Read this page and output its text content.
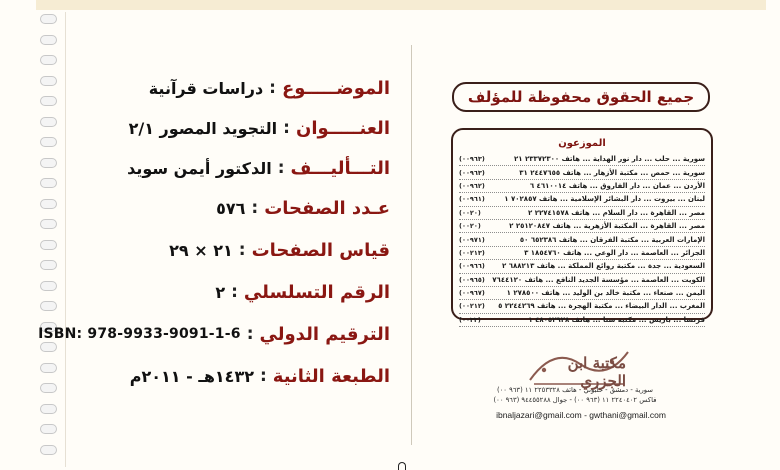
الموضـــــوع
:
دراسات قرآنية
العنـــــوان
:
التجويد المصور ٢/١
التـــأليـــف
:
الدكتور أيمن سويد
عـدد الصفحات
:
٥٧٦
قياس الصفحات
:
٢١ × ٢٩
الرقم التسلسلي
:
٢
الترقيم الدولي
:
ISBN: 978-9933-9091-1-6
الطبعة الثانية
:
١٤٣٢هـ - ٢٠١١م
جميع الحقوق محفوظة للمؤلف
الموزعون
(٠٠٩٦٣)	سورية ... حلب ... دار نور الهداية ... هاتف ٢٣٣٧٢٣٠٠ ٢١
(٠٠٩٦٣)	سورية ... حمص ... مكتبة الأزهار ... هاتف ٢٤٤٧٦٥٥ ٣١
(٠٠٩٦٢)	الأردن ... عمان ... دار الفاروق ... هاتف ٤٦١٠٠١٤ ٦
(٠٠٩٦١)	لبنان ... بيروت ... دار البشائر الإسلامية ... هاتف ٧٠٢٨٥٧ ١
(٠٠٢٠)	مصر ... القاهرة ... دار السلام ... هاتف ٢٢٧٤١٥٧٨ ٢
(٠٠٢٠)	مصر ... القاهرة ... المكتبة الأزهرية ... هاتف ٢٥١٢٠٨٤٧ ٢
(٠٠٩٧١)	الإمارات العربية ... مكتبة الفرقان ... هاتف ٦٥٢٣٨٦ ٥٠
(٠٠٢١٣)	الجزائر ... العاصمة ... دار الوعي ... هاتف ١٨٥٤٧٦٠ ٣
(٠٠٩٦٦)	السعودية ... جدة ... مكتبة روائع المملكة ... هاتف ٦٨٨٢١٣ ٢
(٠٠٩٦٥)	الكويت ... العاصمة ... مؤسسة الجديد النافع ... هاتف ٧٦٤٤١٢٠
(٠٠٩٦٧)	اليمن ... صنعاء ... مكتبة خالد بن الوليد ... هاتف ٢٧٨٥٠٠ ١
(٠٠٢١٢)	المغرب ... الدار البيضاء ... مكتبة الهجرة ... هاتف ٢٢٤٤٢٦٩ ٥
(٠٠٣٣)	فرنسا ... باريس ... مكتبة سنا ... هاتف ٤٨٠٥٢٩٢٨ ١
مكتبة ابن الجزري
سورية - دمشق - حلبوني - هاتف ٢٢٥٣٣٢٨ ١١ (٩٦٣ ٠٠)
فاكس ٢٢٤٠٤٠٢ ١١ (٩٦٣ ٠٠) - جوال ٩٤٤٥٥٢٨٨ (٩٦٣ ٠٠)
ibnaljazari@gmail.com - gwthani@gmail.com
